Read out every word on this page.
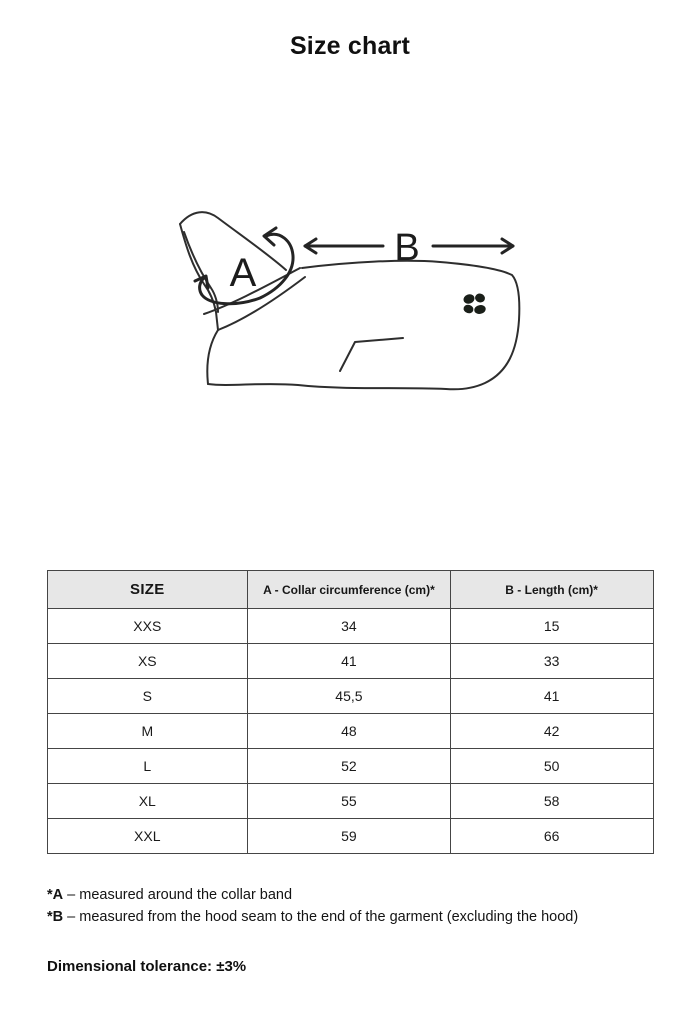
Size chart
A
B
SIZE	A - Collar circumference (cm)*	B - Length (cm)*
XXS	34	15
XS	41	33
S	45,5	41
M	48	42
L	52	50
XL	55	58
XXL	59	66

*A – measured around the collar band

*B – measured from the hood seam to the end of the garment (excluding the hood)

Dimensional tolerance: ±3%
